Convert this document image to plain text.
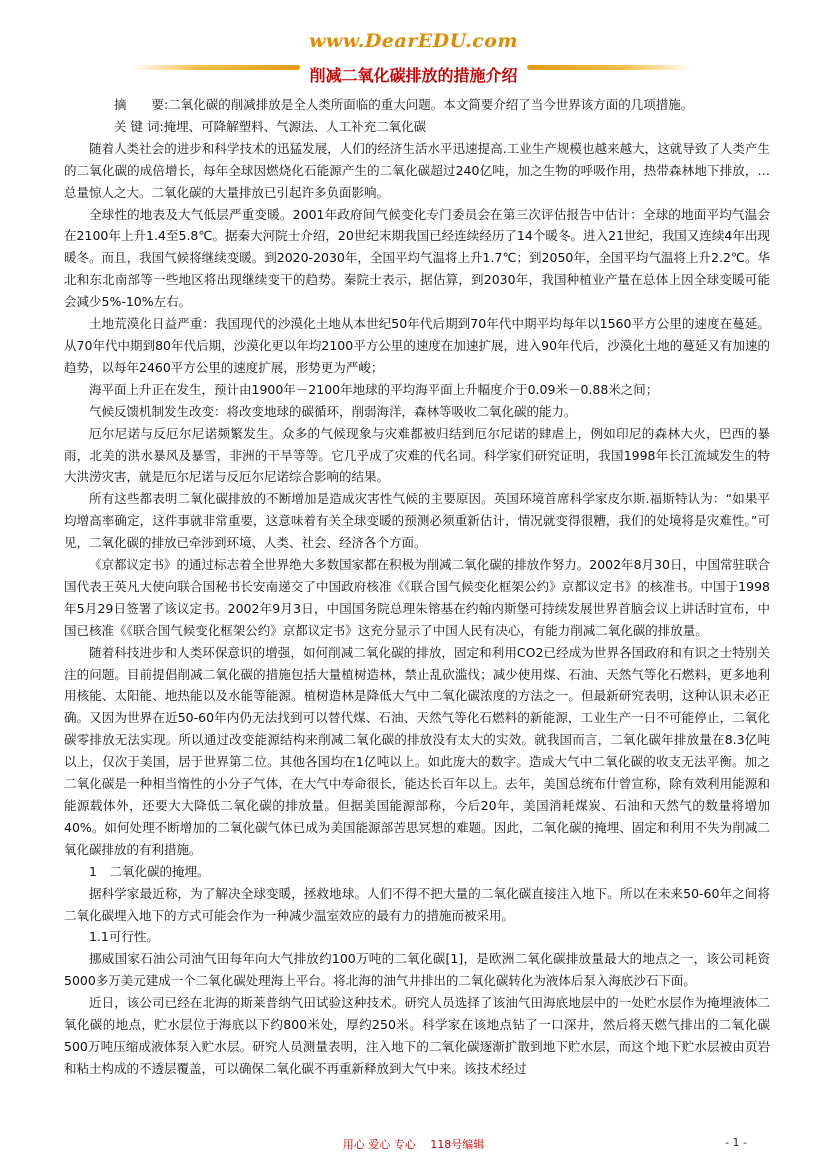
www.DearEDU.com
削减二氧化碳排放的措施介绍

摘　　要:二氧化碳的削减排放是全人类所面临的重大问题。本文简要介绍了当今世界该方面的几项措施。

关 键 词:掩埋、可降解塑料、气源法、人工补充二氧化碳

随着人类社会的进步和科学技术的迅猛发展，人们的经济生活水平迅速提高.工业生产规模也越来越大，这就导致了人类产生的二氧化碳的成倍增长，每年全球因燃烧化石能源产生的二氧化碳超过240亿吨，加之生物的呼吸作用，热带森林地下排放，…总量惊人之大。二氧化碳的大量排放已引起许多负面影响。

全球性的地表及大气低层严重变暖。2001年政府间气候变化专门委员会在第三次评估报告中估计：全球的地面平均气温会在2100年上升1.4至5.8℃。据秦大河院士介绍，20世纪末期我国已经连续经历了14个暖冬。进入21世纪，我国又连续4年出现暖冬。而且，我国气候将继续变暖。到2020-2030年，全国平均气温将上升1.7℃；到2050年，全国平均气温将上升2.2℃。华北和东北南部等一些地区将出现继续变干的趋势。秦院士表示，据估算，到2030年，我国种植业产量在总体上因全球变暖可能会减少5%-10%左右。

土地荒漠化日益严重：我国现代的沙漠化土地从本世纪50年代后期到70年代中期平均每年以1560平方公里的速度在蔓延。从70年代中期到80年代后期，沙漠化更以年均2100平方公里的速度在加速扩展，进入90年代后，沙漠化土地的蔓延又有加速的趋势，以每年2460平方公里的速度扩展，形势更为严峻；

海平面上升正在发生，预计由1900年－2100年地球的平均海平面上升幅度介于0.09米－0.88米之间；

气候反馈机制发生改变：将改变地球的碳循环，削弱海洋，森林等吸收二氧化碳的能力。

厄尔尼诺与反厄尔尼诺频繁发生。众多的气候现象与灾难都被归结到厄尔尼诺的肆虐上，例如印尼的森林大火，巴西的暴雨，北美的洪水暴风及暴雪，非洲的干旱等等。它几乎成了灾难的代名词。科学家们研究证明，我国1998年长江流域发生的特大洪涝灾害，就是厄尔尼诺与反厄尔尼诺综合影响的结果。

所有这些都表明二氧化碳排放的不断增加是造成灾害性气候的主要原因。英国环境首席科学家皮尔斯.福斯特认为：“如果平均增高率确定，这件事就非常重要，这意味着有关全球变暖的预测必须重新估计，情况就变得很糟，我们的处境将是灾难性。”可见，二氧化碳的排放已牵涉到环境、人类、社会、经济各个方面。

《京都议定书》的通过标志着全世界绝大多数国家都在积极为削减二氧化碳的排放作努力。2002年8月30日，中国常驻联合国代表王英凡大使向联合国秘书长安南递交了中国政府核准《《联合国气候变化框架公约》京都议定书》的核准书。中国于1998年5月29日签署了该议定书。2002年9月3日，中国国务院总理朱镕基在约翰内斯堡可持续发展世界首脑会议上讲话时宣布，中国已核准《《联合国气候变化框架公约》京都议定书》这充分显示了中国人民有决心，有能力削减二氧化碳的排放量。

随着科技进步和人类环保意识的增强，如何削减二氧化碳的排放，固定和利用CO2已经成为世界各国政府和有识之士特别关注的问题。目前提倡削减二氧化碳的措施包括大量植树造林，禁止乱砍滥伐；减少使用煤、石油、天然气等化石燃料，更多地利用核能、太阳能、地热能以及水能等能源。植树造林是降低大气中二氧化碳浓度的方法之一。但最新研究表明，这种认识未必正确。又因为世界在近50-60年内仍无法找到可以替代煤、石油、天然气等化石燃料的新能源，工业生产一日不可能停止，二氧化碳零排放无法实现。所以通过改变能源结构来削减二氧化碳的排放没有太大的实效。就我国而言，二氧化碳年排放量在8.3亿吨以上，仅次于美国，居于世界第二位。其他各国均在1亿吨以上。如此庞大的数字。造成大气中二氧化碳的收支无法平衡。加之二氧化碳是一种相当惰性的小分子气体，在大气中寿命很长，能达长百年以上。去年，美国总统布什曾宣称，除有效利用能源和能源载体外，还要大大降低二氧化碳的排放量。但据美国能源部称，今后20年，美国消耗煤炭、石油和天然气的数量将增加40%。如何处理不断增加的二氧化碳气体已成为美国能源部苦思冥想的难题。因此，二氧化碳的掩埋、固定和利用不失为削减二氧化碳排放的有利措施。

1　二氧化碳的掩埋。

据科学家最近称，为了解决全球变暖，拯救地球。人们不得不把大量的二氧化碳直接注入地下。所以在未来50-60年之间将二氧化碳埋入地下的方式可能会作为一种减少温室效应的最有力的措施而被采用。

1.1可行性。

挪威国家石油公司油气田每年向大气排放约100万吨的二氧化碳[1]，是欧洲二氧化碳排放量最大的地点之一，该公司耗资5000多万美元建成一个二氧化碳处理海上平台。将北海的油气井排出的二氧化碳转化为液体后泵入海底沙石下面。

近日，该公司已经在北海的斯莱普纳气田试验这种技术。研究人员选择了该油气田海底地层中的一处贮水层作为掩埋液体二氧化碳的地点，贮水层位于海底以下约800米处，厚约250米。科学家在该地点钻了一口深井，然后将天燃气排出的二氧化碳500万吨压缩成液体泵入贮水层。研究人员测量表明，注入地下的二氧化碳逐渐扩散到地下贮水层，而这个地下贮水层被由页岩和粘土构成的不透层覆盖，可以确保二氧化碳不再重新释放到大气中来。该技术经过

用心 爱心 专心　 118号编辑	- 1 -
